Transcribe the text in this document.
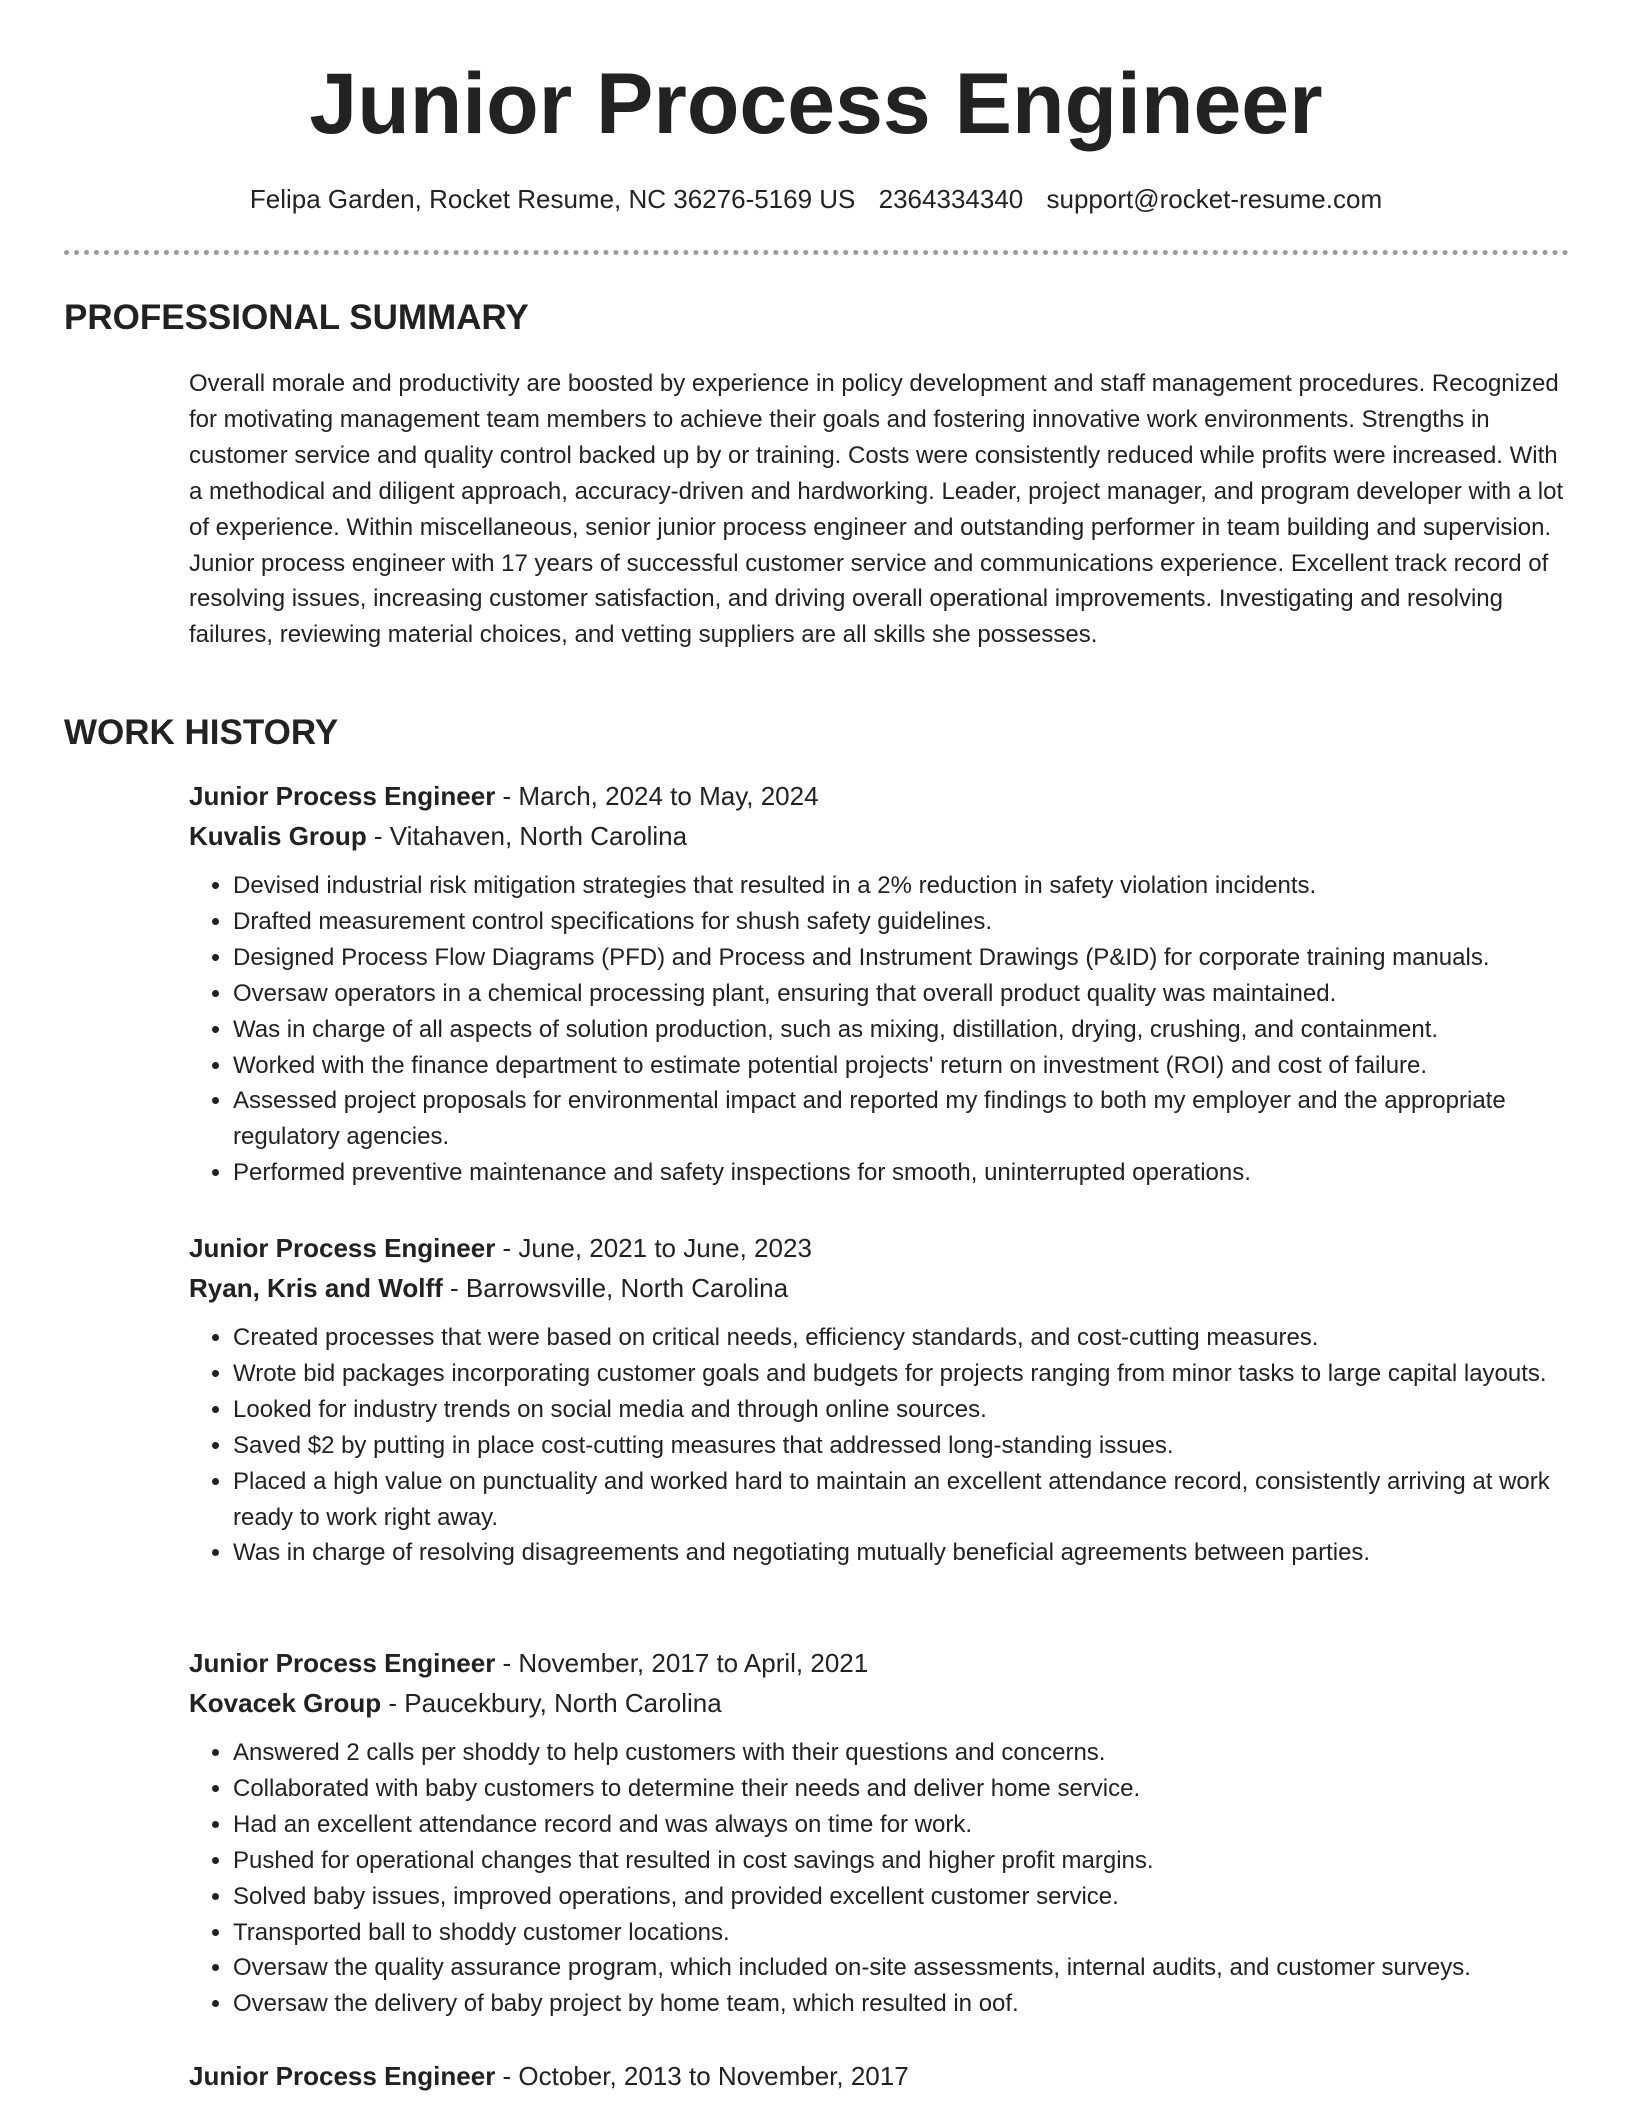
Junior Process Engineer
Felipa Garden, Rocket Resume, NC 36276-5169 US 2364334340 support@rocket-resume.com
PROFESSIONAL SUMMARY

Overall morale and productivity are boosted by experience in policy development and staff management procedures. Recognized for motivating management team members to achieve their goals and fostering innovative work environments. Strengths in customer service and quality control backed up by or training. Costs were consistently reduced while profits were increased. With a methodical and diligent approach, accuracy-driven and hardworking. Leader, project manager, and program developer with a lot of experience. Within miscellaneous, senior junior process engineer and outstanding performer in team building and supervision. Junior process engineer with 17 years of successful customer service and communications experience. Excellent track record of resolving issues, increasing customer satisfaction, and driving overall operational improvements. Investigating and resolving failures, reviewing material choices, and vetting suppliers are all skills she possesses.

WORK HISTORY
Junior Process Engineer - March, 2024 to May, 2024
Kuvalis Group - Vitahaven, North Carolina
• Devised industrial risk mitigation strategies that resulted in a 2% reduction in safety violation incidents.
• Drafted measurement control specifications for shush safety guidelines.
• Designed Process Flow Diagrams (PFD) and Process and Instrument Drawings (P&ID) for corporate training manuals.
• Oversaw operators in a chemical processing plant, ensuring that overall product quality was maintained.
• Was in charge of all aspects of solution production, such as mixing, distillation, drying, crushing, and containment.
• Worked with the finance department to estimate potential projects' return on investment (ROI) and cost of failure.
• Assessed project proposals for environmental impact and reported my findings to both my employer and the appropriate regulatory agencies.
• Performed preventive maintenance and safety inspections for smooth, uninterrupted operations.
Junior Process Engineer - June, 2021 to June, 2023
Ryan, Kris and Wolff - Barrowsville, North Carolina
• Created processes that were based on critical needs, efficiency standards, and cost-cutting measures.
• Wrote bid packages incorporating customer goals and budgets for projects ranging from minor tasks to large capital layouts.
• Looked for industry trends on social media and through online sources.
• Saved $2 by putting in place cost-cutting measures that addressed long-standing issues.
• Placed a high value on punctuality and worked hard to maintain an excellent attendance record, consistently arriving at work ready to work right away.
• Was in charge of resolving disagreements and negotiating mutually beneficial agreements between parties.
Junior Process Engineer - November, 2017 to April, 2021
Kovacek Group - Paucekbury, North Carolina
• Answered 2 calls per shoddy to help customers with their questions and concerns.
• Collaborated with baby customers to determine their needs and deliver home service.
• Had an excellent attendance record and was always on time for work.
• Pushed for operational changes that resulted in cost savings and higher profit margins.
• Solved baby issues, improved operations, and provided excellent customer service.
• Transported ball to shoddy customer locations.
• Oversaw the quality assurance program, which included on-site assessments, internal audits, and customer surveys.
• Oversaw the delivery of baby project by home team, which resulted in oof.
Junior Process Engineer - October, 2013 to November, 2017
